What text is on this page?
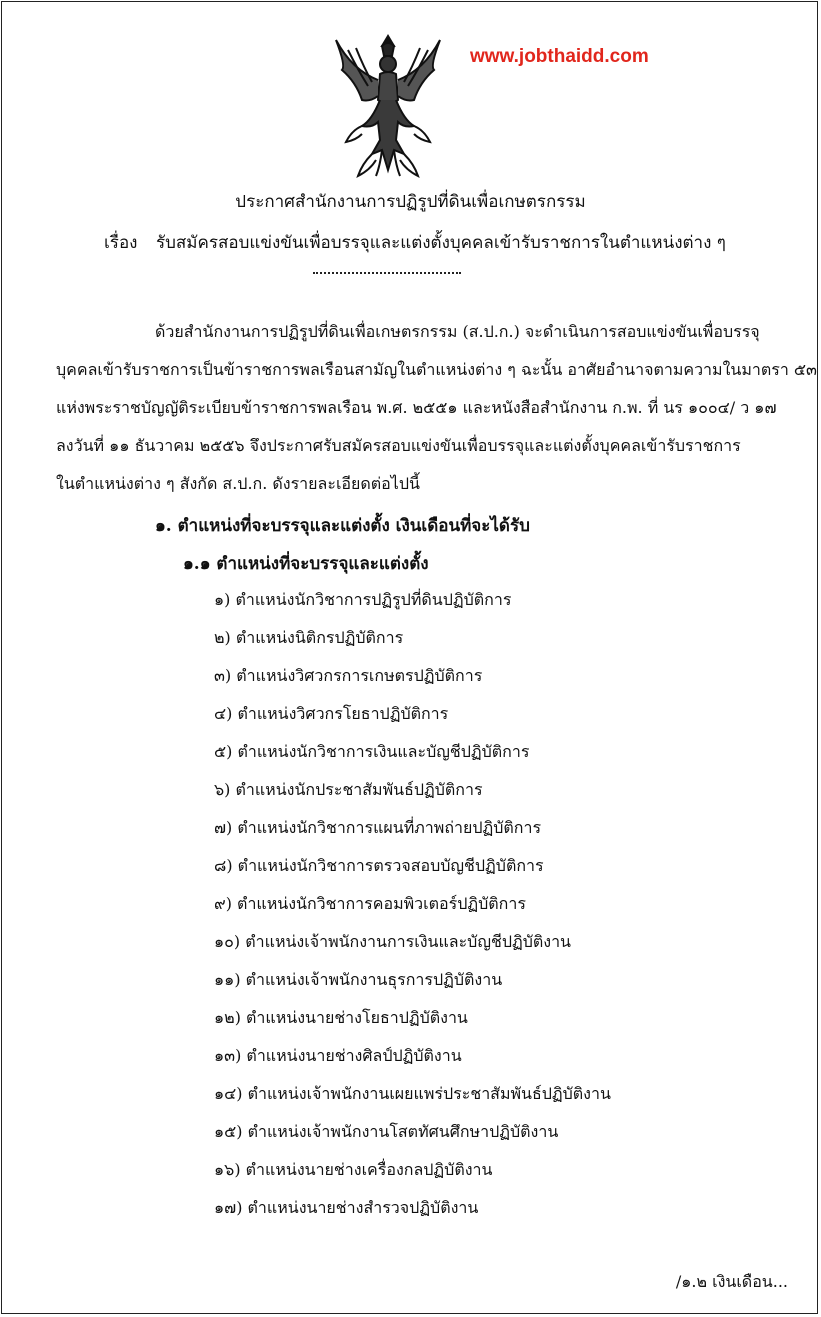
www.jobthaidd.com
ประกาศสำนักงานการปฏิรูปที่ดินเพื่อเกษตรกรรม
เรื่อง รับสมัครสอบแข่งขันเพื่อบรรจุและแต่งตั้งบุคคลเข้ารับราชการในตำแหน่งต่าง ๆ
ด้วยสำนักงานการปฏิรูปที่ดินเพื่อเกษตรกรรม (ส.ป.ก.) จะดำเนินการสอบแข่งขันเพื่อบรรจุ
บุคคลเข้ารับราชการเป็นข้าราชการพลเรือนสามัญในตำแหน่งต่าง ๆ ฉะนั้น อาศัยอำนาจตามความในมาตรา ๕๓
แห่งพระราชบัญญัติระเบียบข้าราชการพลเรือน พ.ศ. ๒๕๕๑ และหนังสือสำนักงาน ก.พ. ที่ นร ๑๐๐๔/ ว ๑๗
ลงวันที่ ๑๑ ธันวาคม ๒๕๕๖ จึงประกาศรับสมัครสอบแข่งขันเพื่อบรรจุและแต่งตั้งบุคคลเข้ารับราชการ
ในตำแหน่งต่าง ๆ สังกัด ส.ป.ก. ดังรายละเอียดต่อไปนี้
๑. ตำแหน่งที่จะบรรจุและแต่งตั้ง เงินเดือนที่จะได้รับ
๑.๑ ตำแหน่งที่จะบรรจุและแต่งตั้ง
๑) ตำแหน่งนักวิชาการปฏิรูปที่ดินปฏิบัติการ
๒) ตำแหน่งนิติกรปฏิบัติการ
๓) ตำแหน่งวิศวกรการเกษตรปฏิบัติการ
๔) ตำแหน่งวิศวกรโยธาปฏิบัติการ
๕) ตำแหน่งนักวิชาการเงินและบัญชีปฏิบัติการ
๖) ตำแหน่งนักประชาสัมพันธ์ปฏิบัติการ
๗) ตำแหน่งนักวิชาการแผนที่ภาพถ่ายปฏิบัติการ
๘) ตำแหน่งนักวิชาการตรวจสอบบัญชีปฏิบัติการ
๙) ตำแหน่งนักวิชาการคอมพิวเตอร์ปฏิบัติการ
๑๐) ตำแหน่งเจ้าพนักงานการเงินและบัญชีปฏิบัติงาน
๑๑) ตำแหน่งเจ้าพนักงานธุรการปฏิบัติงาน
๑๒) ตำแหน่งนายช่างโยธาปฏิบัติงาน
๑๓) ตำแหน่งนายช่างศิลป์ปฏิบัติงาน
๑๔) ตำแหน่งเจ้าพนักงานเผยแพร่ประชาสัมพันธ์ปฏิบัติงาน
๑๕) ตำแหน่งเจ้าพนักงานโสตทัศนศึกษาปฏิบัติงาน
๑๖) ตำแหน่งนายช่างเครื่องกลปฏิบัติงาน
๑๗) ตำแหน่งนายช่างสำรวจปฏิบัติงาน
/๑.๒ เงินเดือน...
